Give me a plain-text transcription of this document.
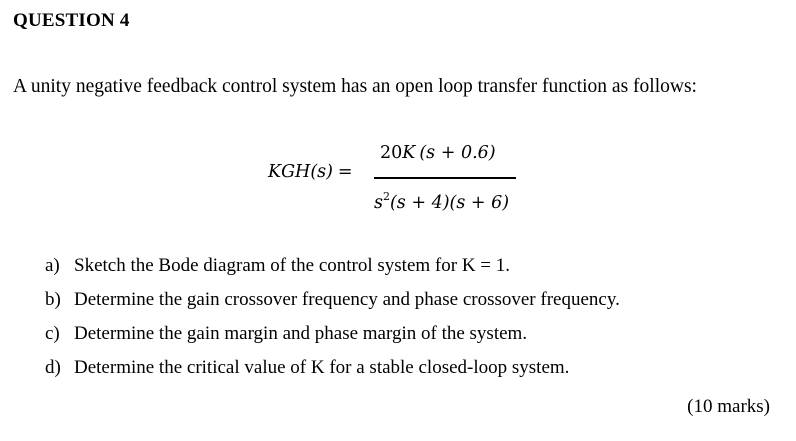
QUESTION 4
A unity negative feedback control system has an open loop transfer function as follows:
KGH(s) =
20K (s + 0.6)
$s^2(s + 4)(s + 6)$
a) Sketch the Bode diagram of the control system for K = 1.
b) Determine the gain crossover frequency and phase crossover frequency.
c) Determine the gain margin and phase margin of the system.
d) Determine the critical value of K for a stable closed-loop system.
(10 marks)
